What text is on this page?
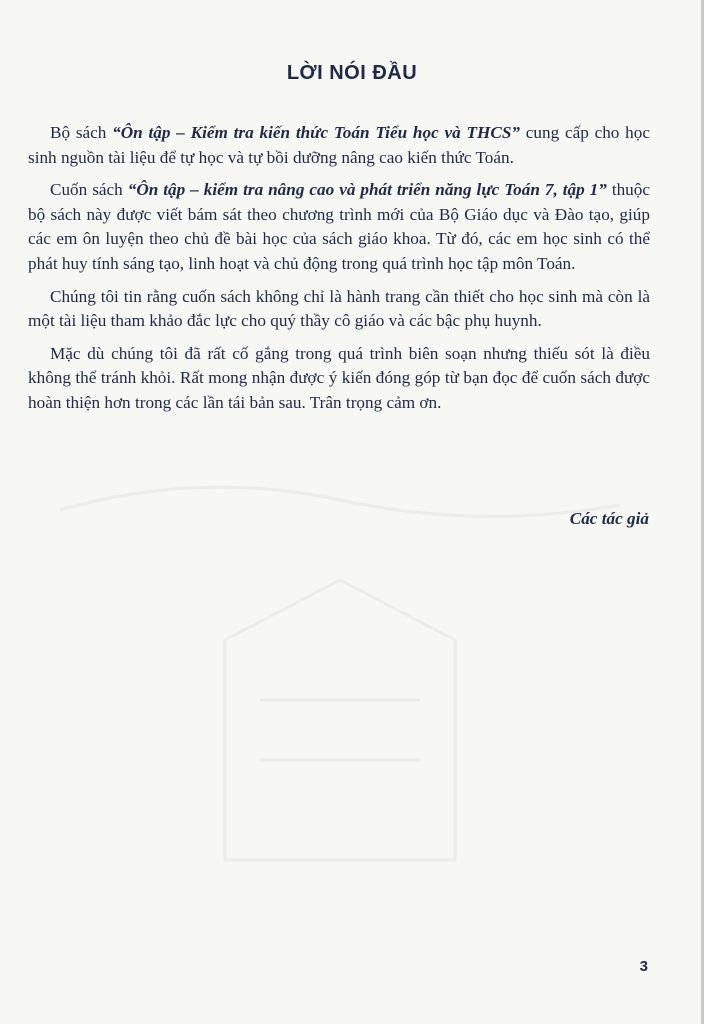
LỜI NÓI ĐẦU

Bộ sách “Ôn tập – Kiểm tra kiến thức Toán Tiểu học và THCS” cung cấp cho học sinh nguồn tài liệu để tự học và tự bồi dưỡng nâng cao kiến thức Toán.

Cuốn sách “Ôn tập – kiểm tra nâng cao và phát triển năng lực Toán 7, tập 1” thuộc bộ sách này được viết bám sát theo chương trình mới của Bộ Giáo dục và Đào tạo, giúp các em ôn luyện theo chủ đề bài học của sách giáo khoa. Từ đó, các em học sinh có thể phát huy tính sáng tạo, linh hoạt và chủ động trong quá trình học tập môn Toán.

Chúng tôi tin rằng cuốn sách không chỉ là hành trang cần thiết cho học sinh mà còn là một tài liệu tham khảo đắc lực cho quý thầy cô giáo và các bậc phụ huynh.

Mặc dù chúng tôi đã rất cố gắng trong quá trình biên soạn nhưng thiếu sót là điều không thể tránh khỏi. Rất mong nhận được ý kiến đóng góp từ bạn đọc để cuốn sách được hoàn thiện hơn trong các lần tái bản sau. Trân trọng cảm ơn.

Các tác giả
3
